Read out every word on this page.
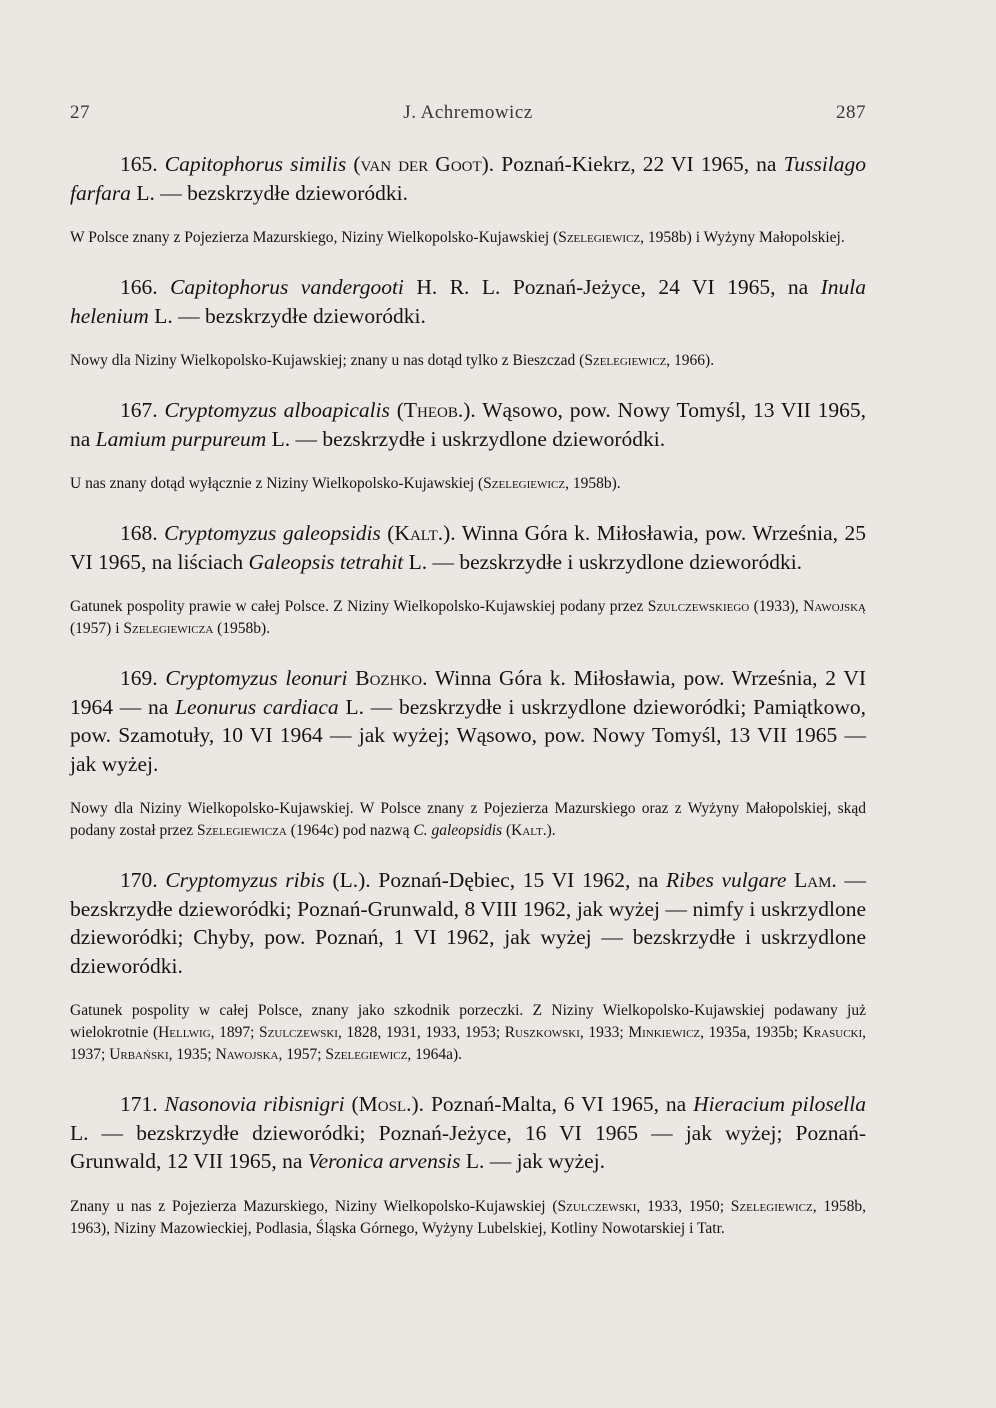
27	J. Achremowicz	287

165. Capitophorus similis (van der Goot). Poznań-Kiekrz, 22 VI 1965, na Tussilago farfara L. — bezskrzydłe dzieworódki.

W Polsce znany z Pojezierza Mazurskiego, Niziny Wielkopolsko-Kujawskiej (Szelegiewicz, 1958b) i Wyżyny Małopolskiej.

166. Capitophorus vandergooti H. R. L. Poznań-Jeżyce, 24 VI 1965, na Inula helenium L. — bezskrzydłe dzieworódki.

Nowy dla Niziny Wielkopolsko-Kujawskiej; znany u nas dotąd tylko z Bieszczad (Szelegiewicz, 1966).

167. Cryptomyzus alboapicalis (Theob.). Wąsowo, pow. Nowy Tomyśl, 13 VII 1965, na Lamium purpureum L. — bezskrzydłe i uskrzydlone dzieworódki.

U nas znany dotąd wyłącznie z Niziny Wielkopolsko-Kujawskiej (Szelegiewicz, 1958b).

168. Cryptomyzus galeopsidis (Kalt.). Winna Góra k. Miłosławia, pow. Września, 25 VI 1965, na liściach Galeopsis tetrahit L. — bezskrzydłe i uskrzydlone dzieworódki.

Gatunek pospolity prawie w całej Polsce. Z Niziny Wielkopolsko-Kujawskiej podany przez Szulczewskiego (1933), Nawojską (1957) i Szelegiewicza (1958b).

169. Cryptomyzus leonuri Bozhko. Winna Góra k. Miłosławia, pow. Września, 2 VI 1964 — na Leonurus cardiaca L. — bezskrzydłe i uskrzydlone dzieworódki; Pamiątkowo, pow. Szamotuły, 10 VI 1964 — jak wyżej; Wąsowo, pow. Nowy Tomyśl, 13 VII 1965 — jak wyżej.

Nowy dla Niziny Wielkopolsko-Kujawskiej. W Polsce znany z Pojezierza Mazurskiego oraz z Wyżyny Małopolskiej, skąd podany został przez Szelegiewicza (1964c) pod nazwą C. galeopsidis (Kalt.).

170. Cryptomyzus ribis (L.). Poznań-Dębiec, 15 VI 1962, na Ribes vulgare Lam. — bezskrzydłe dzieworódki; Poznań-Grunwald, 8 VIII 1962, jak wyżej — nimfy i uskrzydlone dzieworódki; Chyby, pow. Poznań, 1 VI 1962, jak wyżej — bezskrzydłe i uskrzydlone dzieworódki.

Gatunek pospolity w całej Polsce, znany jako szkodnik porzeczki. Z Niziny Wielkopolsko-Kujawskiej podawany już wielokrotnie (Hellwig, 1897; Szulczewski, 1828, 1931, 1933, 1953; Ruszkowski, 1933; Minkiewicz, 1935a, 1935b; Krasucki, 1937; Urbański, 1935; Nawojska, 1957; Szelegiewicz, 1964a).

171. Nasonovia ribisnigri (Mosl.). Poznań-Malta, 6 VI 1965, na Hieracium pilosella L. — bezskrzydłe dzieworódki; Poznań-Jeżyce, 16 VI 1965 — jak wyżej; Poznań-Grunwald, 12 VII 1965, na Veronica arvensis L. — jak wyżej.

Znany u nas z Pojezierza Mazurskiego, Niziny Wielkopolsko-Kujawskiej (Szulczewski, 1933, 1950; Szelegiewicz, 1958b, 1963), Niziny Mazowieckiej, Podlasia, Śląska Górnego, Wyżyny Lubelskiej, Kotliny Nowotarskiej i Tatr.
